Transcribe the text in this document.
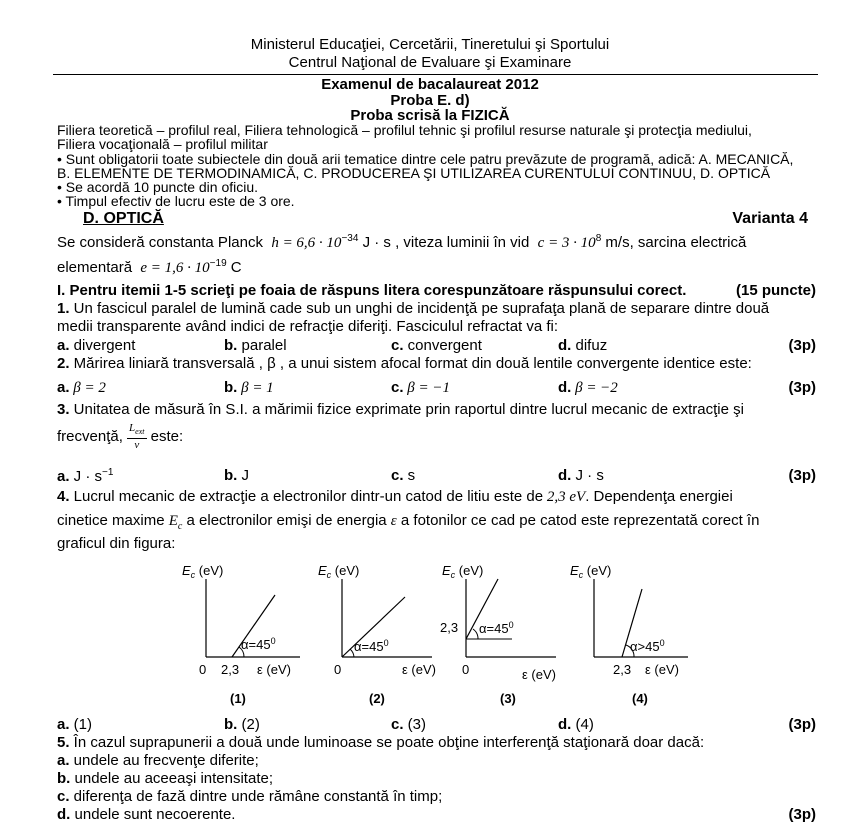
Ministerul Educaţiei, Cercetării, Tineretului şi Sportului
Centrul Naţional de Evaluare şi Examinare
Examenul de bacalaureat 2012
Proba E. d)
Proba scrisă la FIZICĂ
Filiera teoretică – profilul real, Filiera tehnologică – profilul tehnic şi profilul resurse naturale şi protecţia mediului,
Filiera vocaţională – profilul militar
• Sunt obligatorii toate subiectele din două arii tematice dintre cele patru prevăzute de programă, adică: A. MECANICĂ,
B. ELEMENTE DE TERMODINAMICĂ, C. PRODUCEREA ŞI UTILIZAREA CURENTULUI CONTINUU, D. OPTICĂ
• Se acordă 10 puncte din oficiu.
• Timpul efectiv de lucru este de 3 ore.
D. OPTICĂ	Varianta 4
Se consideră constanta Planck $h = 6,6 \cdot 10^{-34}$ J · s , viteza luminii în vid $c = 3 \cdot 10^8$ m/s, sarcina electrică
elementară $e = 1,6 \cdot 10^{-19}$ C
I. Pentru itemii 1-5 scrieţi pe foaia de răspuns litera corespunzătoare răspunsului corect.	(15 puncte)
1. Un fascicul paralel de lumină cade sub un unghi de incidenţă pe suprafaţa plană de separare dintre două
medii transparente având indici de refracţie diferiţi. Fasciculul refractat va fi:
a. divergent	b. paralel	c. convergent	d. difuz	(3p)
2. Mărirea liniară transversală , β , a unui sistem afocal format din două lentile convergente identice este:
a. β = 2	b. β = 1	c. β = −1	d. β = −2	(3p)
3. Unitatea de măsură în S.I. a mărimii fizice exprimate prin raportul dintre lucrul mecanic de extracţie şi
frecvenţă, $\frac{L_{ext}}{\nu}$ este:
a. $J \cdot s^{-1}$	b. J	c. s	d. J · s	(3p)
4. Lucrul mecanic de extracţie a electronilor dintr-un catod de litiu este de 2,3 eV. Dependenţa energiei
cinetice maxime $E_c$ a electronilor emişi de energia ε a fotonilor ce cad pe catod este reprezentată corect în
graficul din figura:
$E_c$ (eV)
$\alpha=45^0$
0 2,3 ε (eV)
(1)
$E_c$ (eV)
$\alpha=45^0$
0	ε (eV)
(2)
$E_c$ (eV)
$\alpha=45^0$
2,3
0	ε (eV)
(3)
$E_c$ (eV)
$\alpha>45^0$
2,3 ε (eV)
(4)
a. (1)	b. (2)	c. (3)	d. (4)	(3p)
5. În cazul suprapunerii a două unde luminoase se poate obţine interferenţă staţionară doar dacă:
a. undele au frecvenţe diferite;
b. undele au aceeaşi intensitate;
c. diferenţa de fază dintre unde rămâne constantă în timp;
d. undele sunt necoerente.	(3p)
